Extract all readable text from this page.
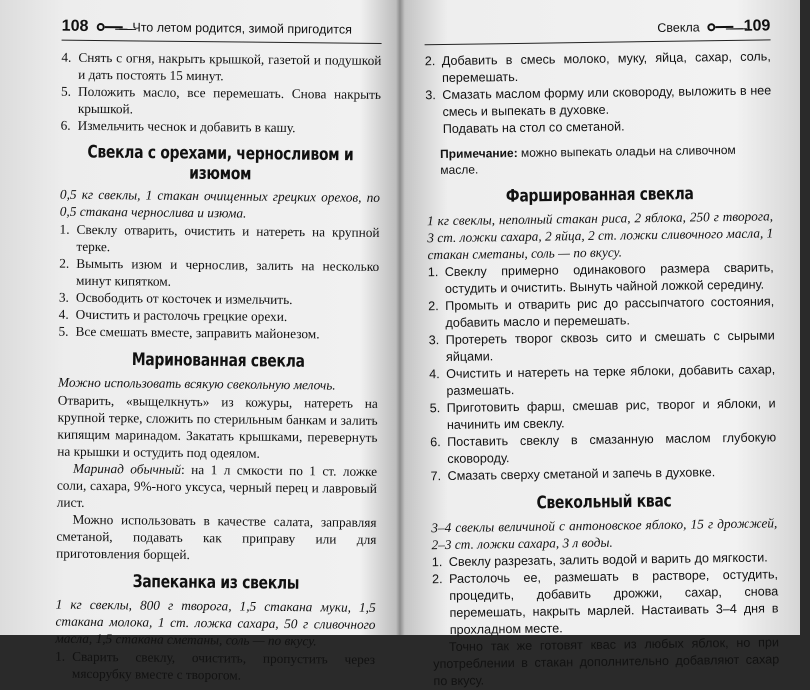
108	Что летом родится, зимой пригодится
4. Снять с огня, накрыть крышкой, газетой и подушкой и дать постоять 15 минут.
5. Положить масло, все перемешать. Снова накрыть крышкой.
6. Измельчить чеснок и добавить в кашу.
Свекла с орехами, черносливом и изюмом

0,5 кг свеклы, 1 стакан очищенных грецких орехов, по 0,5 стакана чернослива и изюма.

1. Свеклу отварить, очистить и натереть на крупной терке.
2. Вымыть изюм и чернослив, залить на несколько минут кипятком.
3. Освободить от косточек и измельчить.
4. Очистить и растолочь грецкие орехи.
5. Все смешать вместе, заправить майонезом.
Маринованная свекла

Можно использовать всякую свекольную мелочь.

Отварить, «выщелкнуть» из кожуры, натереть на крупной терке, сложить по стерильным банкам и залить кипящим маринадом. Закатать крышками, перевернуть на крышки и остудить под одеялом.

Маринад обычный: на 1 л смкости по 1 ст. ложке соли, сахара, 9%-ного уксуса, черный перец и лавровый лист.

Можно использовать в качестве салата, заправляя сметаной, подавать как приправу или для приготовления борщей.

Запеканка из свеклы

1 кг свеклы, 800 г творога, 1,5 стакана муки, 1,5 стакана молока, 1 ст. ложка сахара, 50 г сливочного масла, 1,5 стакана сметаны, соль — по вкусу.

1. Сварить свеклу, очистить, пропустить через мясорубку вместе с творогом.
Свекла	109
2. Добавить в смесь молоко, муку, яйца, сахар, соль, перемешать.
3. Смазать маслом форму или сковороду, выложить в нее смесь и выпекать в духовке.

Подавать на стол со сметаной.

Примечание: можно выпекать оладьи на сливочном масле.

Фаршированная свекла

1 кг свеклы, неполный стакан риса, 2 яблока, 250 г творога, 3 ст. ложки сахара, 2 яйца, 2 ст. ложки сливочного масла, 1 стакан сметаны, соль — по вкусу.

1. Свеклу примерно одинакового размера сварить, остудить и очистить. Вынуть чайной ложкой середину.
2. Промыть и отварить рис до рассыпчатого состояния, добавить масло и перемешать.
3. Протереть творог сквозь сито и смешать с сырыми яйцами.
4. Очистить и натереть на терке яблоки, добавить сахар, размешать.
5. Приготовить фарш, смешав рис, творог и яблоки, и начинить им свеклу.
6. Поставить свеклу в смазанную маслом глубокую сковороду.
7. Смазать сверху сметаной и запечь в духовке.
Свекольный квас

3–4 свеклы величиной с антоновское яблоко, 15 г дрожжей, 2–3 ст. ложки сахара, 3 л воды.

1. Свеклу разрезать, залить водой и варить до мягкости.
2. Растолочь ее, размешать в растворе, остудить, процедить, добавить дрожжи, сахар, снова перемешать, накрыть марлей. Настаивать 3–4 дня в прохладном месте.

Точно так же готовят квас из любых яблок, но при употреблении в стакан дополнительно добавляют сахар по вкусу.
